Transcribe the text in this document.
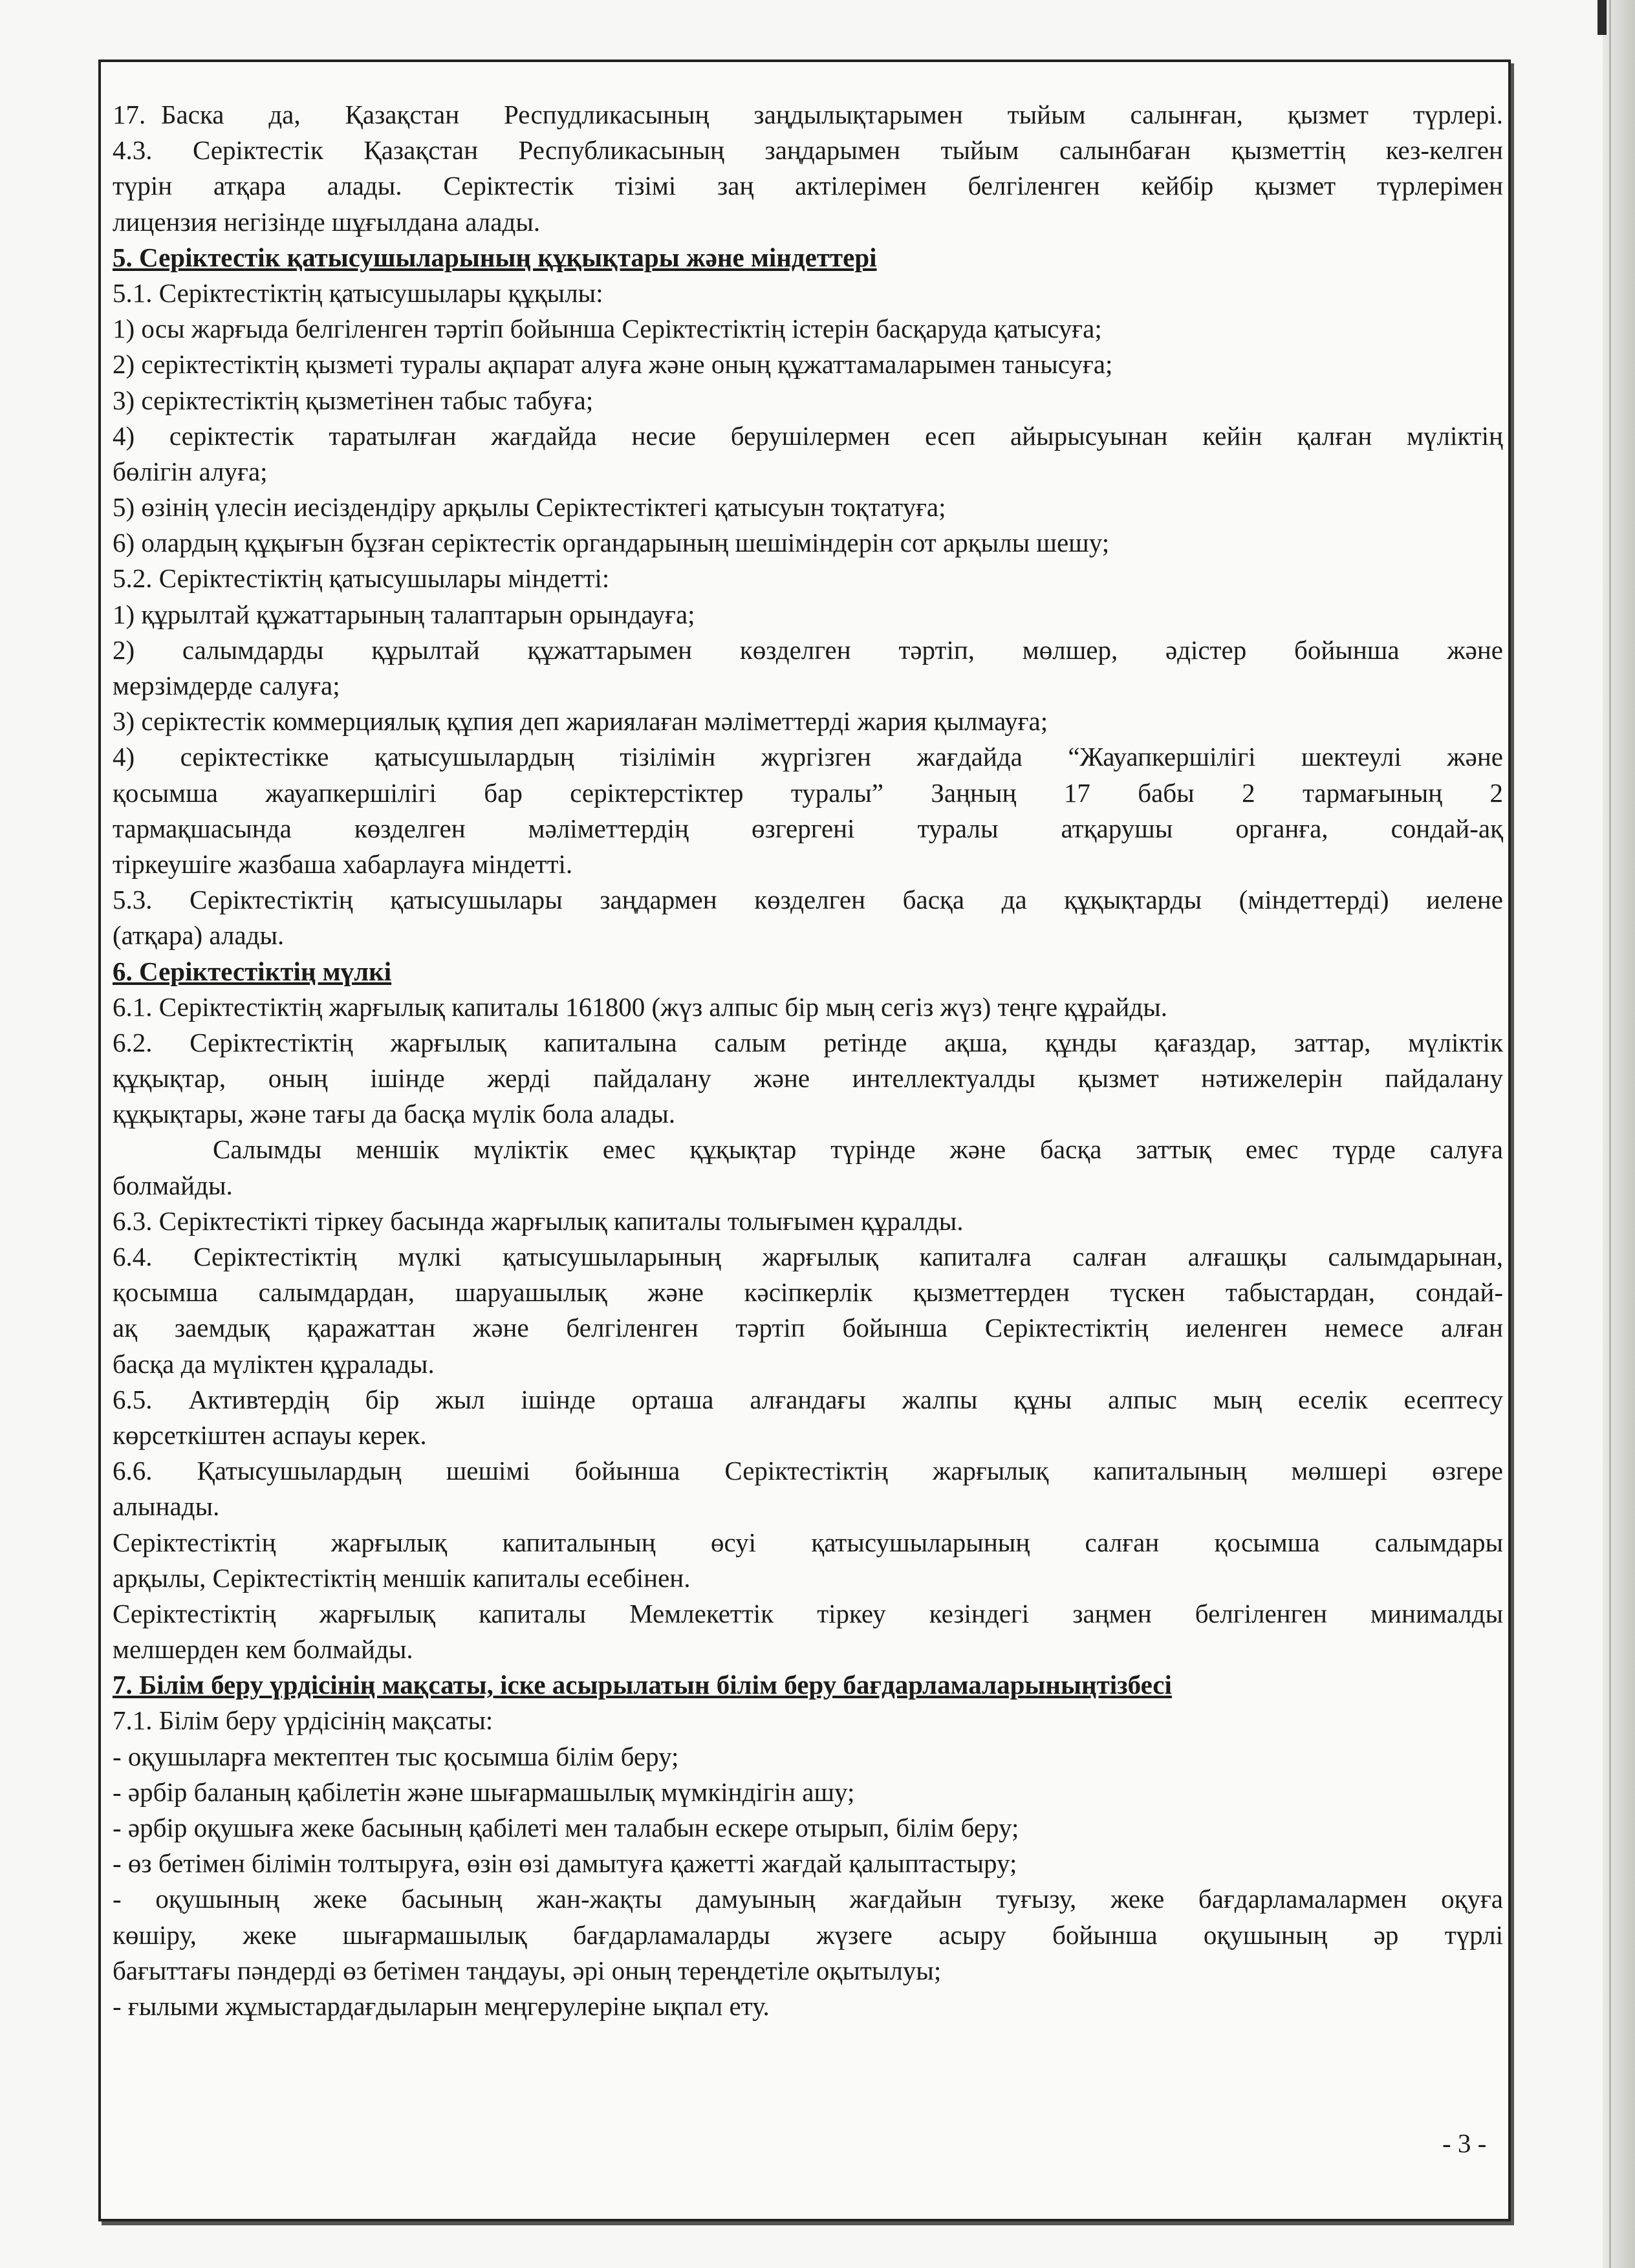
17. Баска да, Қазақстан Респудликасының заңдылықтарымен тыйым салынған, қызмет түрлері.
4.3. Серіктестік Қазақстан Республикасының заңдарымен тыйым салынбаған қызметтің кез-келген
түрін атқара алады. Серіктестік тізімі заң актілерімен белгіленген кейбір қызмет түрлерімен
лицензия негізінде шұғылдана алады.
5. Серіктестік қатысушыларының құқықтары және міндеттері
5.1. Серіктестіктің қатысушылары құқылы:
1) осы жарғыда белгіленген тәртіп бойынша Серіктестіктің істерін басқаруда қатысуға;
2) серіктестіктің қызметі туралы ақпарат алуға және оның құжаттамаларымен танысуға;
3) серіктестіктің қызметінен табыс табуға;
4) серіктестік таратылған жағдайда несие берушілермен есеп айырысуынан кейін қалған мүліктің
бөлігін алуға;
5) өзінің үлесін иесіздендіру арқылы Серіктестіктегі қатысуын тоқтатуға;
6) олардың құқығын бұзған серіктестік органдарының шешімiндерін сот арқылы шешу;
5.2. Серіктестіктің қатысушылары міндетті:
1) құрылтай құжаттарының талаптарын орындауға;
2) салымдарды құрылтай құжаттарымен көзделген тәртіп, мөлшер, әдістер бойынша және
мерзімдерде салуға;
3) серіктестік коммерциялық құпия деп жариялаған мәліметтерді жария қылмауға;
4) серіктестікке қатысушылардың тізілімін жүргізген жағдайда “Жауапкершілігі шектеулі және
қосымша жауапкершілігі бар серіктерстіктер туралы” Заңның 17 бабы 2 тармағының 2
тармақшасында көзделген мәліметтердің өзгергені туралы атқарушы органға, сондай-ақ
тіркеушіге жазбаша хабарлауға міндетті.
5.3. Серіктестіктің қатысушылары заңдармен көзделген басқа да құқықтарды (міндеттерді) иелене
(атқара) алады.
6. Серіктестіктің мүлкі
6.1. Серіктестіктің жарғылық капиталы 161800 (жүз алпыс бір мың сегіз жүз) теңге құрайды.
6.2. Серіктестіктің жарғылық капиталына салым ретінде ақша, құнды қағаздар, заттар, мүліктік
құқықтар, оның ішінде жерді пайдалану және интеллектуалды қызмет нәтижелерін пайдалану
құқықтары, және тағы да басқа мүлік бола алады.
Салымды меншік мүліктік емес құқықтар түрінде және басқа заттық емес түрде салуға
болмайды.
6.3. Серіктестікті тіркеу басында жарғылық капиталы толығымен құралды.
6.4. Серіктестіктің мүлкі қатысушыларының жарғылық капиталға салған алғашқы салымдарынан,
қосымша салымдардан, шаруашылық және кәсіпкерлік қызметтерден түскен табыстардан, сондай-
ақ заемдық қаражаттан және белгіленген тәртіп бойынша Серіктестіктің иеленген немесе алған
басқа да мүліктен құралады.
6.5. Активтердің бір жыл ішінде орташа алғандағы жалпы құны алпыс мың еселік есептесу
көрсеткіштен аспауы керек.
6.6. Қатысушылардың шешімі бойынша Серіктестіктің жарғылық капиталының мөлшері өзгере
алынады.
Серіктестіктің жарғылық капиталының өсуі қатысушыларының салған қосымша салымдары
арқылы, Серіктестіктің меншік капиталы есебінен.
Серіктестіктің жарғылық капиталы Мемлекеттік тіркеу кезіндегі заңмен белгіленген минималды
мелшерден кем болмайды.
7. Білім беру үрдісінің мақсаты, іске асырылатын білім беру бағдарламаларыныңтізбесі
7.1. Білім беру үрдісінің мақсаты:
- оқушыларға мектептен тыс қосымша білім беру;
- әрбір баланың қабілетін және шығармашылық мүмкіндігін ашу;
- әрбір оқушыға жеке басының қабілеті мен талабын ескере отырып, білім беру;
- өз бетімен білімін толтыруға, өзін өзі дамытуға қажетті жағдай қалыптастыру;
- оқушының жеке басының жан-жақты дамуының жағдайын туғызу, жеке бағдарламалармен оқуға
көшіру, жеке шығармашылық бағдарламаларды жүзеге асыру бойынша оқушының әр түрлі
бағыттағы пәндерді өз бетімен таңдауы, әрі оның тереңдетіле оқытылуы;
- ғылыми жұмыстардағдыларын меңгерулеріне ықпал ету.
- 3 -
